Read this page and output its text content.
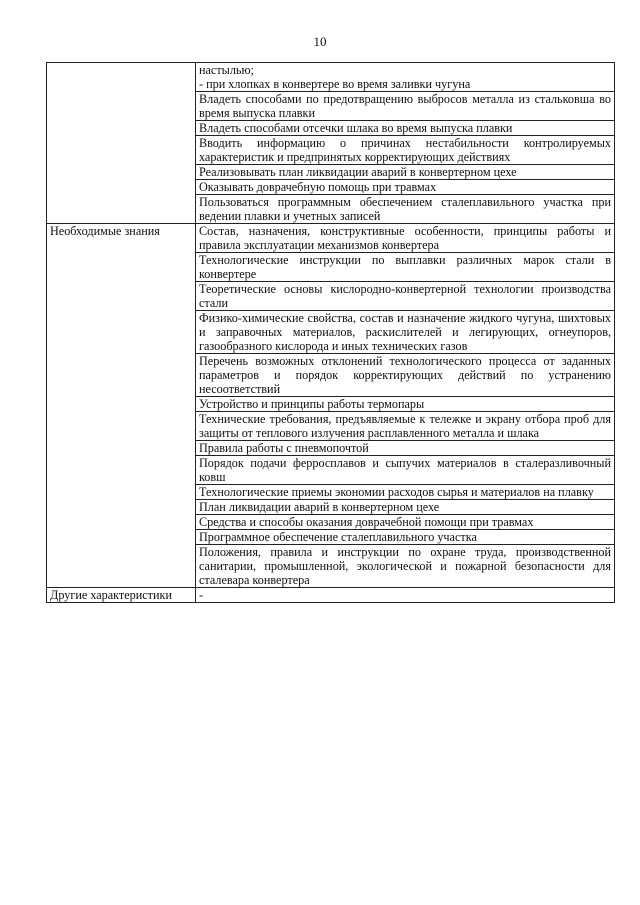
10
	настылью;
- при хлопках в конвертере во время заливки чугуна
	Владеть способами по предотвращению выбросов металла из стальковша во время выпуска плавки
	Владеть способами отсечки шлака во время выпуска плавки
	Вводить информацию о причинах нестабильности контролируемых характеристик и предпринятых корректирующих действиях
	Реализовывать план ликвидации аварий в конвертерном цехе
	Оказывать доврачебную помощь при травмах
	Пользоваться программным обеспечением сталеплавильного участка при ведении плавки и учетных записей
Необходимые знания	Состав, назначения, конструктивные особенности, принципы работы и правила эксплуатации механизмов конвертера
	Технологические инструкции по выплавки различных марок стали в конвертере
	Теоретические основы кислородно-конвертерной технологии производства стали
	Физико-химические свойства, состав и назначение жидкого чугуна, шихтовых и заправочных материалов, раскислителей и легирующих, огнеупоров, газообразного кислорода и иных технических газов
	Перечень возможных отклонений технологического процесса от заданных параметров и порядок корректирующих действий по устранению несоответствий
	Устройство и принципы работы термопары
	Технические требования, предъявляемые к тележке и экрану отбора проб для защиты от теплового излучения расплавленного металла и шлака
	Правила работы с пневмопочтой
	Порядок подачи ферросплавов и сыпучих материалов в сталеразливочный ковш
	Технологические приемы экономии расходов сырья и материалов на плавку
	План ликвидации аварий в конвертерном цехе
	Средства и способы оказания доврачебной помощи при травмах
	Программное обеспечение сталеплавильного участка
	Положения, правила и инструкции по охране труда, производственной санитарии, промышленной, экологической и пожарной безопасности для сталевара конвертера
Другие характеристики	-
